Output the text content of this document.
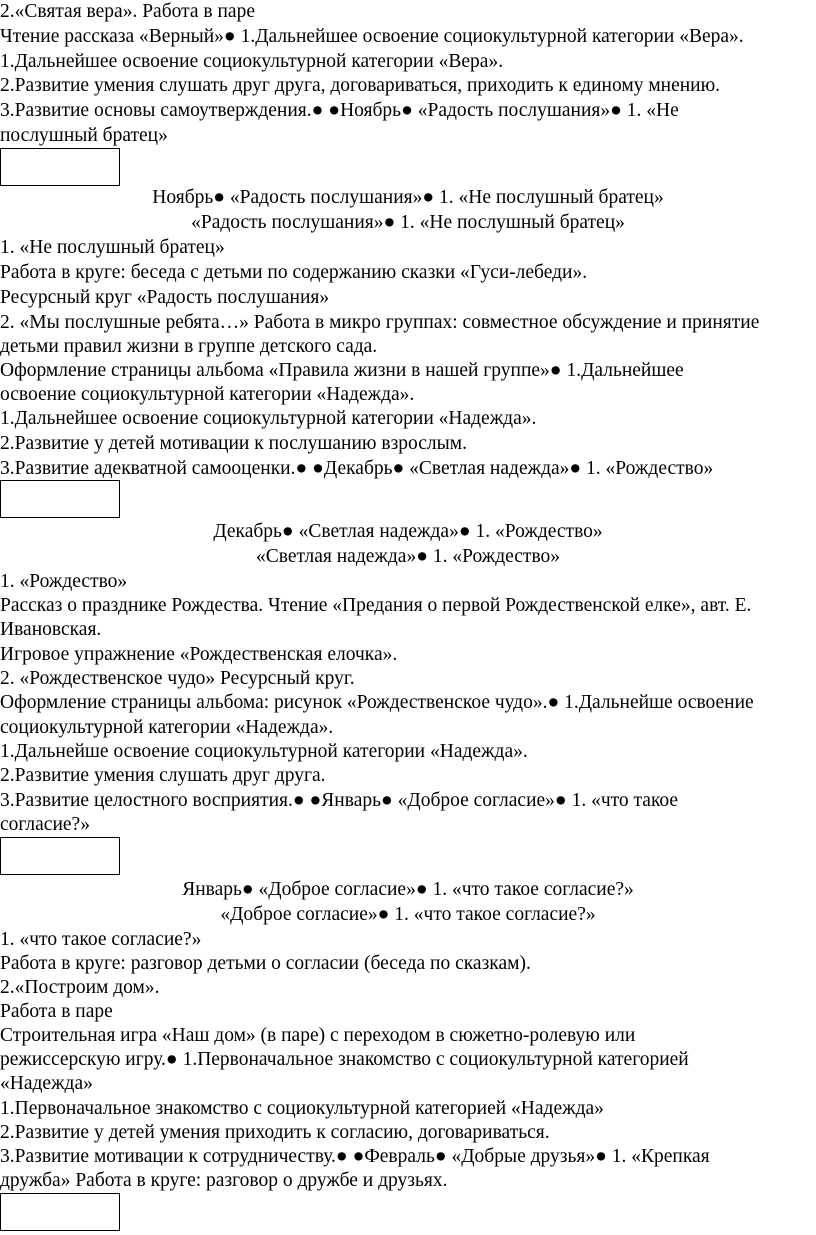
2.«Святая вера». Работа в паре
Чтение рассказа «Верный»● 1.Дальнейшее освоение социокультурной категории «Вера».
1.Дальнейшее освоение социокультурной категории «Вера».
2.Развитие умения слушать друг друга, договариваться, приходить к единому мнению.
3.Развитие основы самоутверждения.● ●Ноябрь● «Радость послушания»● 1. «Не
послушный братец»
Ноябрь● «Радость послушания»● 1. «Не послушный братец»
«Радость послушания»● 1. «Не послушный братец»
1. «Не послушный братец»
Работа в круге: беседа с детьми по содержанию сказки «Гуси-лебеди».
Ресурсный круг «Радость послушания»
2. «Мы послушные ребята…» Работа в микро группах: совместное обсуждение и принятие
детьми правил жизни в группе детского сада.
Оформление страницы альбома «Правила жизни в нашей группе»● 1.Дальнейшее
освоение социокультурной категории «Надежда».
1.Дальнейшее освоение социокультурной категории «Надежда».
2.Развитие у детей мотивации к послушанию взрослым.
3.Развитие адекватной самооценки.● ●Декабрь● «Светлая надежда»● 1. «Рождество»
Декабрь● «Светлая надежда»● 1. «Рождество»
«Светлая надежда»● 1. «Рождество»
1. «Рождество»
Рассказ о празднике Рождества. Чтение «Предания о первой Рождественской елке», авт. Е.
Ивановская.
Игровое упражнение «Рождественская елочка».
2. «Рождественское чудо» Ресурсный круг.
Оформление страницы альбома: рисунок «Рождественское чудо».● 1.Дальнейше освоение
социокультурной категории «Надежда».
1.Дальнейше освоение социокультурной категории «Надежда».
2.Развитие умения слушать друг друга.
3.Развитие целостного восприятия.● ●Январь● «Доброе согласие»● 1. «что такое
согласие?»
Январь● «Доброе согласие»● 1. «что такое согласие?»
«Доброе согласие»● 1. «что такое согласие?»
1. «что такое согласие?»
Работа в круге: разговор детьми о согласии (беседа по сказкам).
2.«Построим дом».
Работа в паре
Строительная игра «Наш дом» (в паре) с переходом в сюжетно-ролевую или
режиссерскую игру.● 1.Первоначальное знакомство с социокультурной категорией
«Надежда»
1.Первоначальное знакомство с социокультурной категорией «Надежда»
2.Развитие у детей умения приходить к согласию, договариваться.
3.Развитие мотивации к сотрудничеству.● ●Февраль● «Добрые друзья»● 1. «Крепкая
дружба» Работа в круге: разговор о дружбе и друзьях.
